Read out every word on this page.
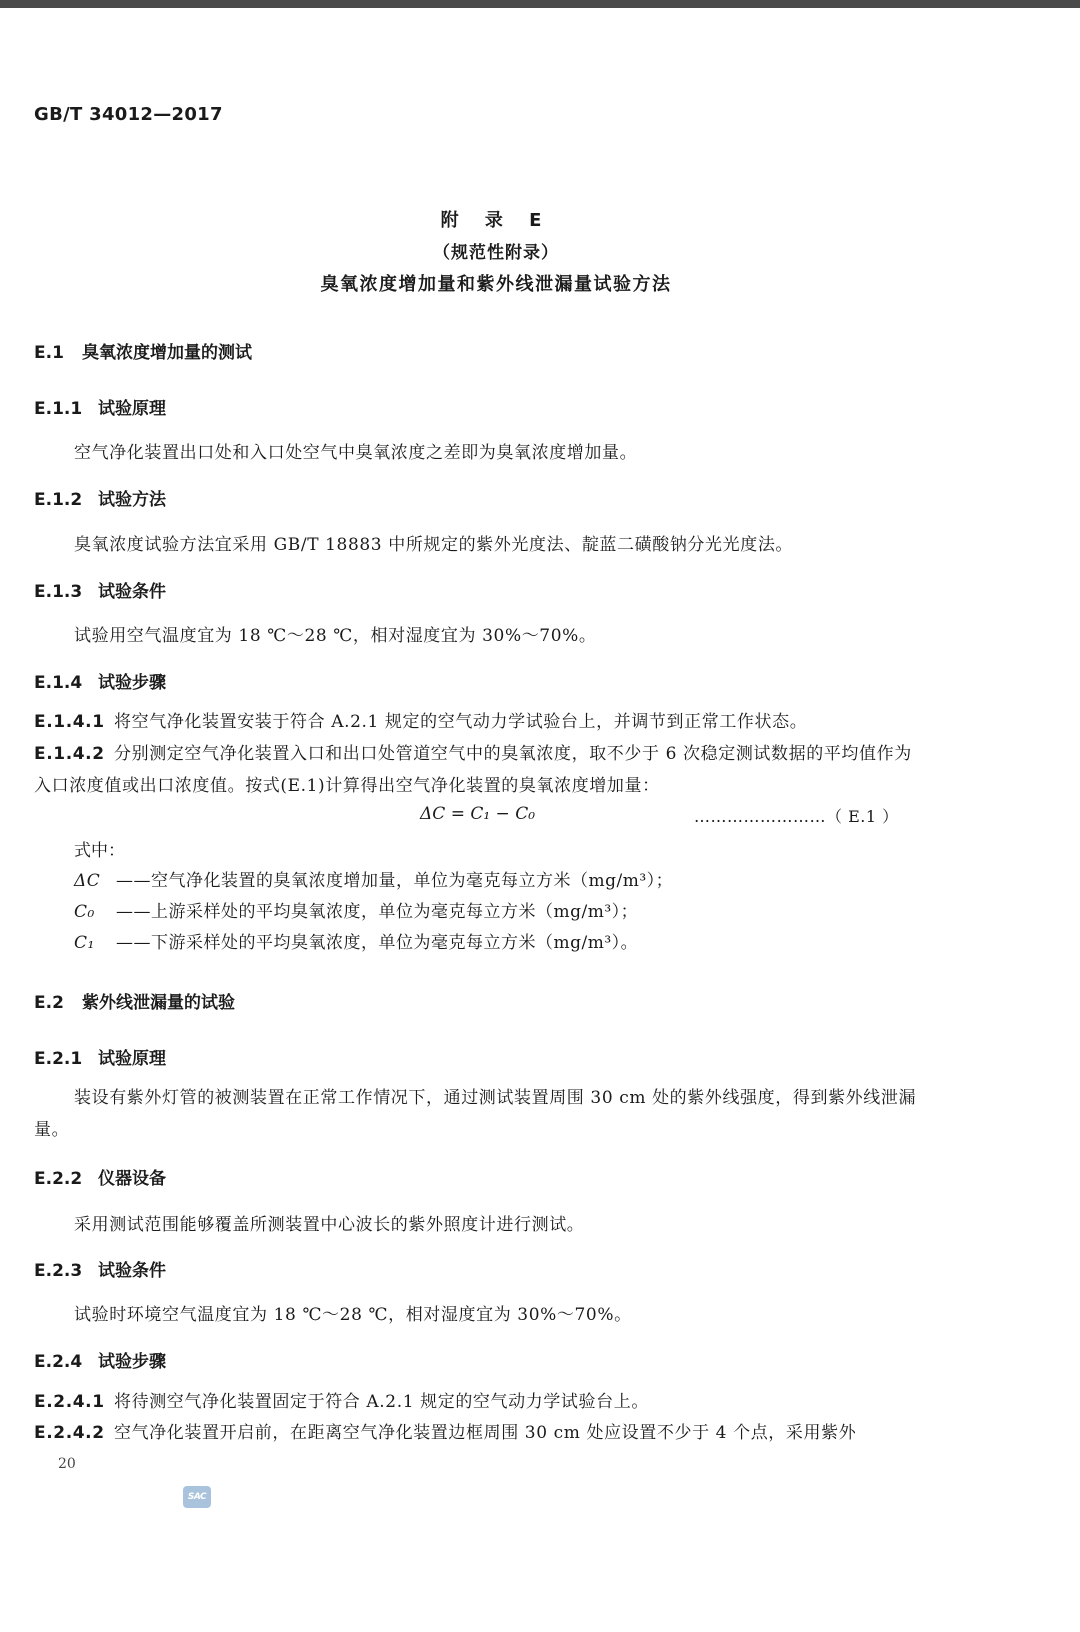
GB/T 34012—2017
附 录 E
（规范性附录）
臭氧浓度增加量和紫外线泄漏量试验方法
E.1 臭氧浓度增加量的测试
E.1.1 试验原理
空气净化装置出口处和入口处空气中臭氧浓度之差即为臭氧浓度增加量。
E.1.2 试验方法
臭氧浓度试验方法宜采用 GB/T 18883 中所规定的紫外光度法、靛蓝二磺酸钠分光光度法。
E.1.3 试验条件
试验用空气温度宜为 18 ℃～28 ℃，相对湿度宜为 30%～70%。
E.1.4 试验步骤
E.1.4.1 将空气净化装置安装于符合 A.2.1 规定的空气动力学试验台上，并调节到正常工作状态。
E.1.4.2 分别测定空气净化装置入口和出口处管道空气中的臭氧浓度，取不少于 6 次稳定测试数据的平均值作为入口浓度值或出口浓度值。按式(E.1)计算得出空气净化装置的臭氧浓度增加量：
ΔC = C₁ − C₀	……………………（ E.1 ）
式中：
ΔC ——空气净化装置的臭氧浓度增加量，单位为毫克每立方米（mg/m³）；
C₀ ——上游采样处的平均臭氧浓度，单位为毫克每立方米（mg/m³）；
C₁ ——下游采样处的平均臭氧浓度，单位为毫克每立方米（mg/m³）。
E.2 紫外线泄漏量的试验
E.2.1 试验原理
装设有紫外灯管的被测装置在正常工作情况下，通过测试装置周围 30 cm 处的紫外线强度，得到紫外线泄漏量。
E.2.2 仪器设备
采用测试范围能够覆盖所测装置中心波长的紫外照度计进行测试。
E.2.3 试验条件
试验时环境空气温度宜为 18 ℃～28 ℃，相对湿度宜为 30%～70%。
E.2.4 试验步骤
E.2.4.1 将待测空气净化装置固定于符合 A.2.1 规定的空气动力学试验台上。
E.2.4.2 空气净化装置开启前，在距离空气净化装置边框周围 30 cm 处应设置不少于 4 个点，采用紫外
20
SAC
